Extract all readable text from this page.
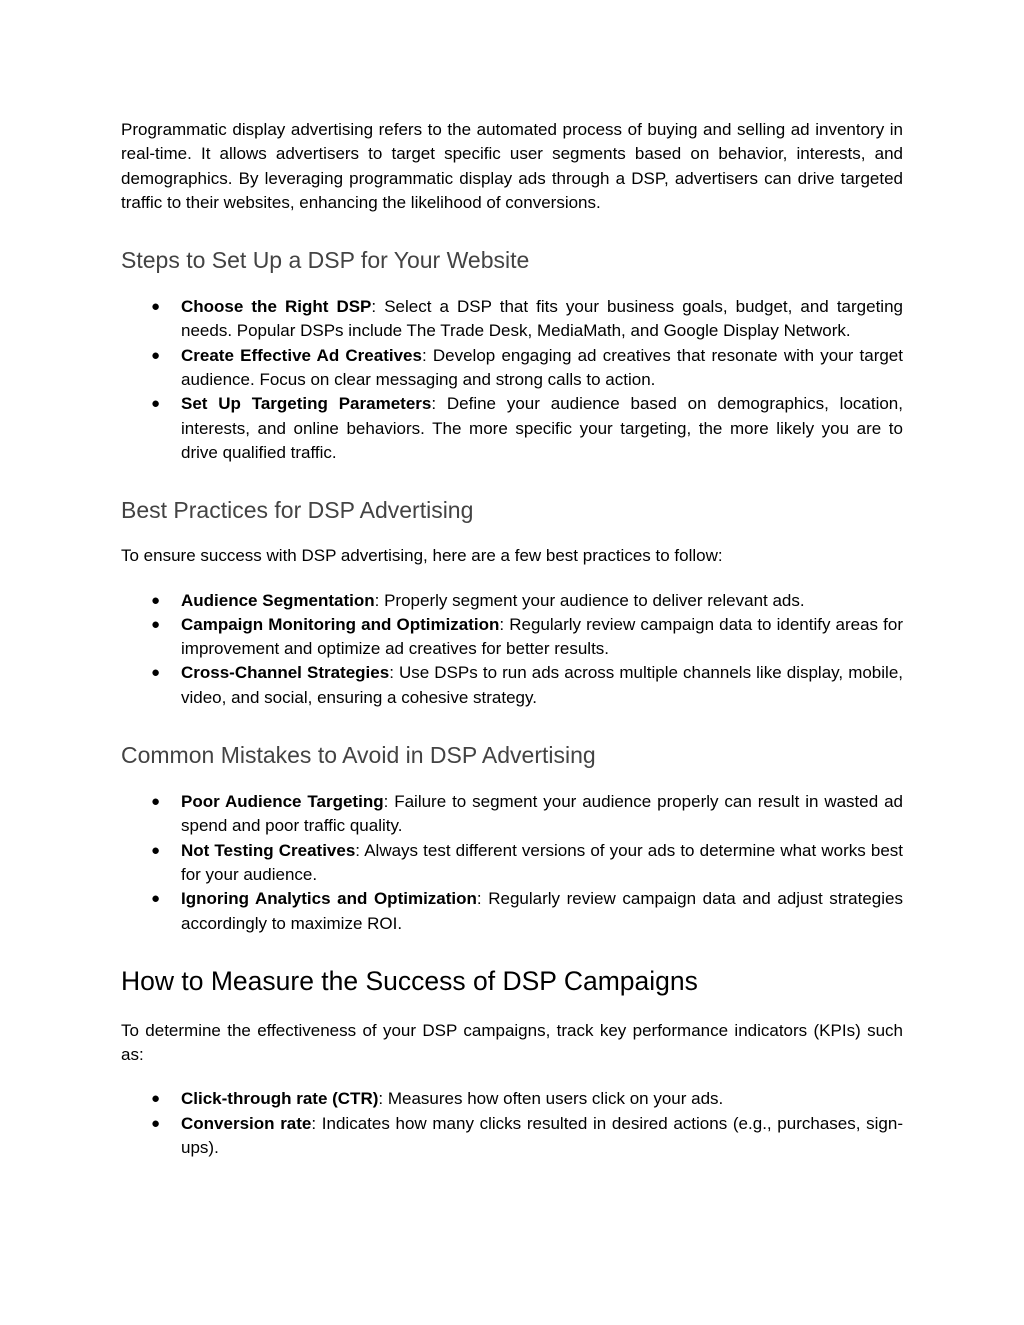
Programmatic display advertising refers to the automated process of buying and selling ad inventory in real-time. It allows advertisers to target specific user segments based on behavior, interests, and demographics. By leveraging programmatic display ads through a DSP, advertisers can drive targeted traffic to their websites, enhancing the likelihood of conversions.

Steps to Set Up a DSP for Your Website
● Choose the Right DSP: Select a DSP that fits your business goals, budget, and targeting needs. Popular DSPs include The Trade Desk, MediaMath, and Google Display Network.
● Create Effective Ad Creatives: Develop engaging ad creatives that resonate with your target audience. Focus on clear messaging and strong calls to action.
● Set Up Targeting Parameters: Define your audience based on demographics, location, interests, and online behaviors. The more specific your targeting, the more likely you are to drive qualified traffic.
Best Practices for DSP Advertising

To ensure success with DSP advertising, here are a few best practices to follow:

● Audience Segmentation: Properly segment your audience to deliver relevant ads.
● Campaign Monitoring and Optimization: Regularly review campaign data to identify areas for improvement and optimize ad creatives for better results.
● Cross-Channel Strategies: Use DSPs to run ads across multiple channels like display, mobile, video, and social, ensuring a cohesive strategy.
Common Mistakes to Avoid in DSP Advertising
● Poor Audience Targeting: Failure to segment your audience properly can result in wasted ad spend and poor traffic quality.
● Not Testing Creatives: Always test different versions of your ads to determine what works best for your audience.
● Ignoring Analytics and Optimization: Regularly review campaign data and adjust strategies accordingly to maximize ROI.
How to Measure the Success of DSP Campaigns

To determine the effectiveness of your DSP campaigns, track key performance indicators (KPIs) such as:

● Click-through rate (CTR): Measures how often users click on your ads.
● Conversion rate: Indicates how many clicks resulted in desired actions (e.g., purchases, sign-ups).
